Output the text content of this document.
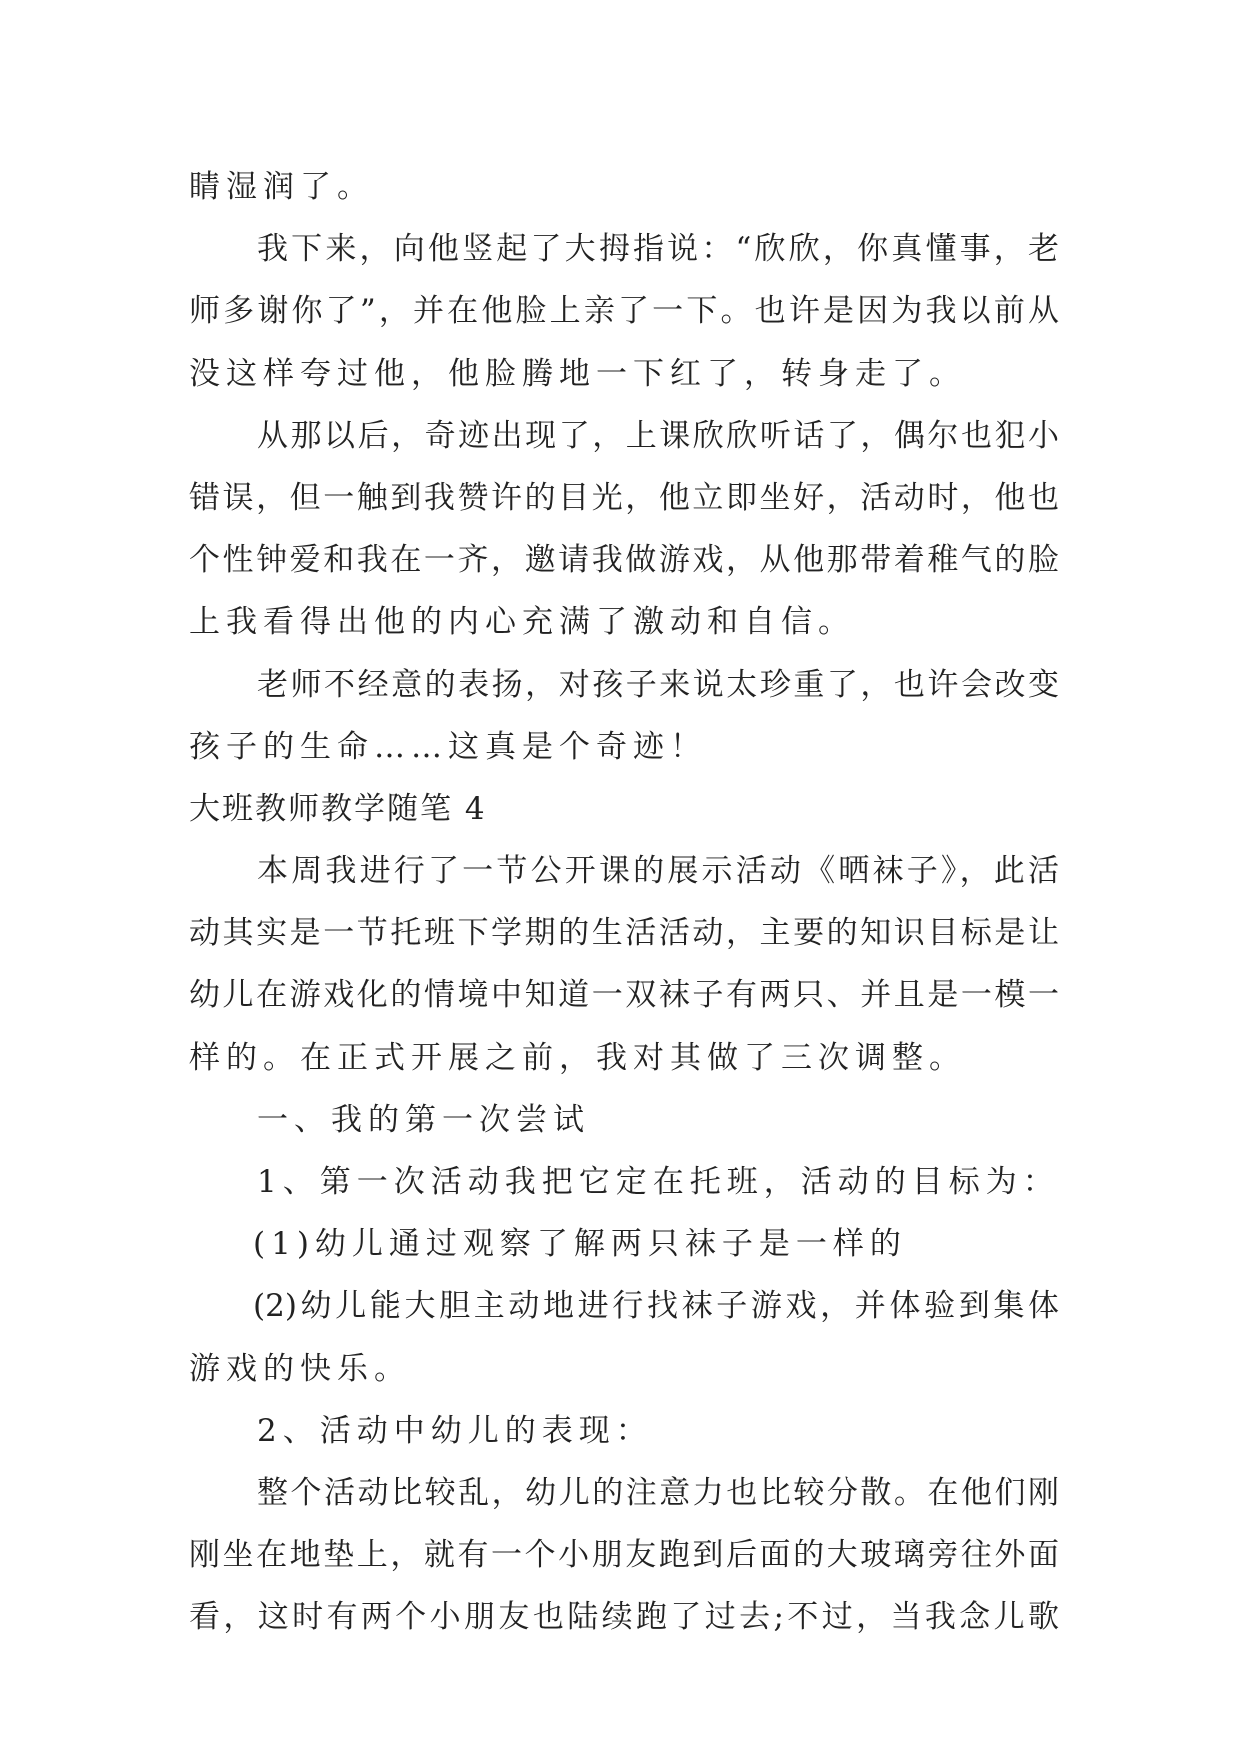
睛湿润了。
我下来，向他竖起了大拇指说：“欣欣，你真懂事，老
师多谢你了”，并在他脸上亲了一下。也许是因为我以前从
没这样夸过他，他脸腾地一下红了，转身走了。
从那以后，奇迹出现了，上课欣欣听话了，偶尔也犯小
错误，但一触到我赞许的目光，他立即坐好，活动时，他也
个性钟爱和我在一齐，邀请我做游戏，从他那带着稚气的脸
上我看得出他的内心充满了激动和自信。
老师不经意的表扬，对孩子来说太珍重了，也许会改变
孩子的生命……这真是个奇迹！
大班教师教学随笔 4
本周我进行了一节公开课的展示活动《晒袜子》，此活
动其实是一节托班下学期的生活活动，主要的知识目标是让
幼儿在游戏化的情境中知道一双袜子有两只、并且是一模一
样的。在正式开展之前，我对其做了三次调整。
一、我的第一次尝试
1、第一次活动我把它定在托班，活动的目标为：
(1)幼儿通过观察了解两只袜子是一样的
(2)幼儿能大胆主动地进行找袜子游戏，并体验到集体
游戏的快乐。
2、活动中幼儿的表现：
整个活动比较乱，幼儿的注意力也比较分散。在他们刚
刚坐在地垫上，就有一个小朋友跑到后面的大玻璃旁往外面
看，这时有两个小朋友也陆续跑了过去;不过，当我念儿歌
